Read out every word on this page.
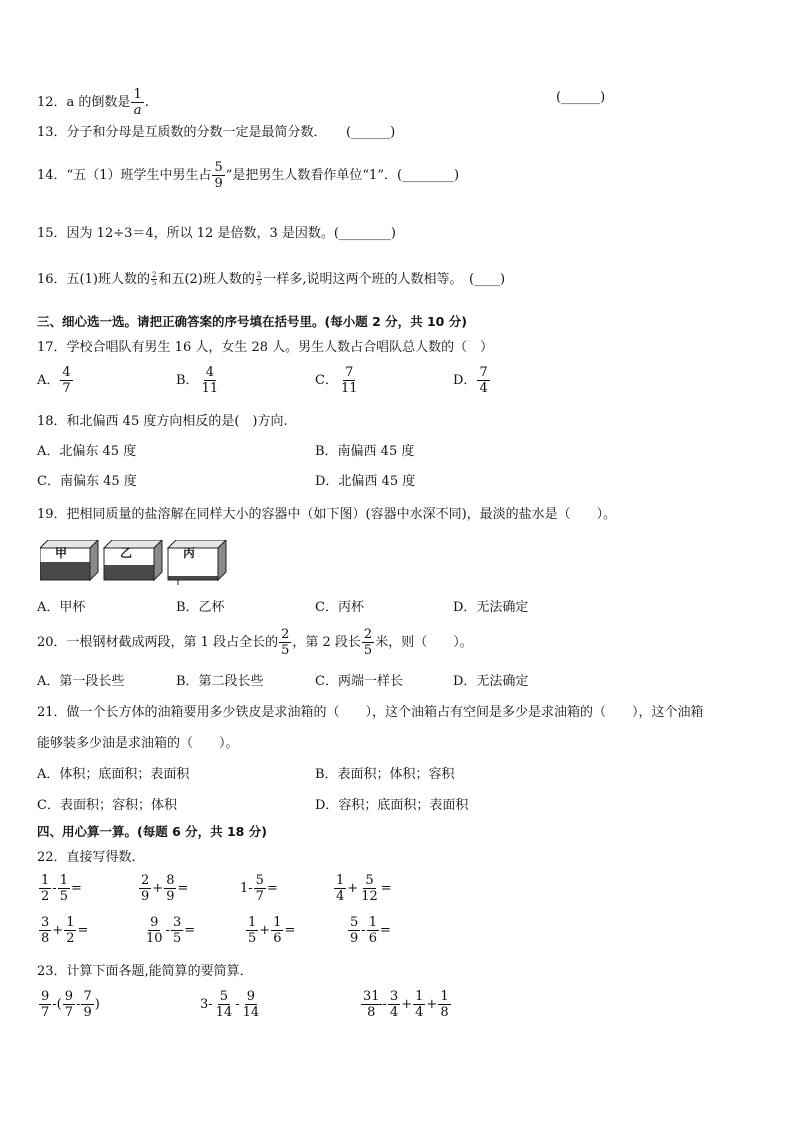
12．a 的倒数是 $\frac{1}{a}$ .	(______)
13．分子和分母是互质数的分数一定是最简分数．　　(______)
14．“五（1）班学生中男生占 $\frac{5}{9}$ ”是把男生人数看作单位“1”．(________)
15．因为 12÷3＝4，所以 12 是倍数，3 是因数。(________)
16．五(1)班人数的 $\frac{2}{5}$ 和五(2)班人数的 $\frac{2}{5}$ 一样多,说明这两个班的人数相等。　(____)
三、细心选一选。请把正确答案的序号填在括号里。(每小题 2 分，共 10 分)
17．学校合唱队有男生 16 人，女生 28 人。男生人数占合唱队总人数的（　）
A． $\frac{4}{7}$	B． $\frac{4}{11}$	C． $\frac{7}{11}$	D． $\frac{7}{4}$
18．和北偏西 45 度方向相反的是(　)方向.
A．北偏东 45 度	B．南偏西 45 度
C．南偏东 45 度	D．北偏西 45 度
19．把相同质量的盐溶解在同样大小的容器中（如下图）(容器中水深不同)，最淡的盐水是（　　）。
甲	乙	丙
A．甲杯	B．乙杯	C．丙杯	D．无法确定
20．一根钢材截成两段，第 1 段占全长的 $\frac{2}{5}$ ，第 2 段长 $\frac{2}{5}$ 米，则（　　）。
A．第一段长些	B．第二段长些	C．两端一样长	D．无法确定
21．做一个长方体的油箱要用多少铁皮是求油箱的（　　），这个油箱占有空间是多少是求油箱的（　　），这个油箱
能够装多少油是求油箱的（　　）。
A．体积；底面积；表面积	B．表面积；体积；容积
C．表面积；容积；体积	D．容积；底面积；表面积
四、用心算一算。(每题 6 分，共 18 分)
22．直接写得数．
$\frac{1}{2} - \frac{1}{5}$ =	$\frac{2}{9} + \frac{8}{9}$ =	$1- \frac{5}{7}$ =	$\frac{1}{4} + \frac{5}{12}$ =
$\frac{3}{8} + \frac{1}{2}$ =	$\frac{9}{10} - \frac{3}{5}$ =	$\frac{1}{5} + \frac{1}{6}$ =	$\frac{5}{9} - \frac{1}{6}$ =
23．计算下面各题,能简算的要简算．
$\frac{9}{7}$ -( $\frac{9}{7} - \frac{7}{9}$ )	$3- \frac{5}{14} - \frac{9}{14}$	$\frac{31}{8} - \frac{3}{4} + \frac{1}{4} + \frac{1}{8}$
